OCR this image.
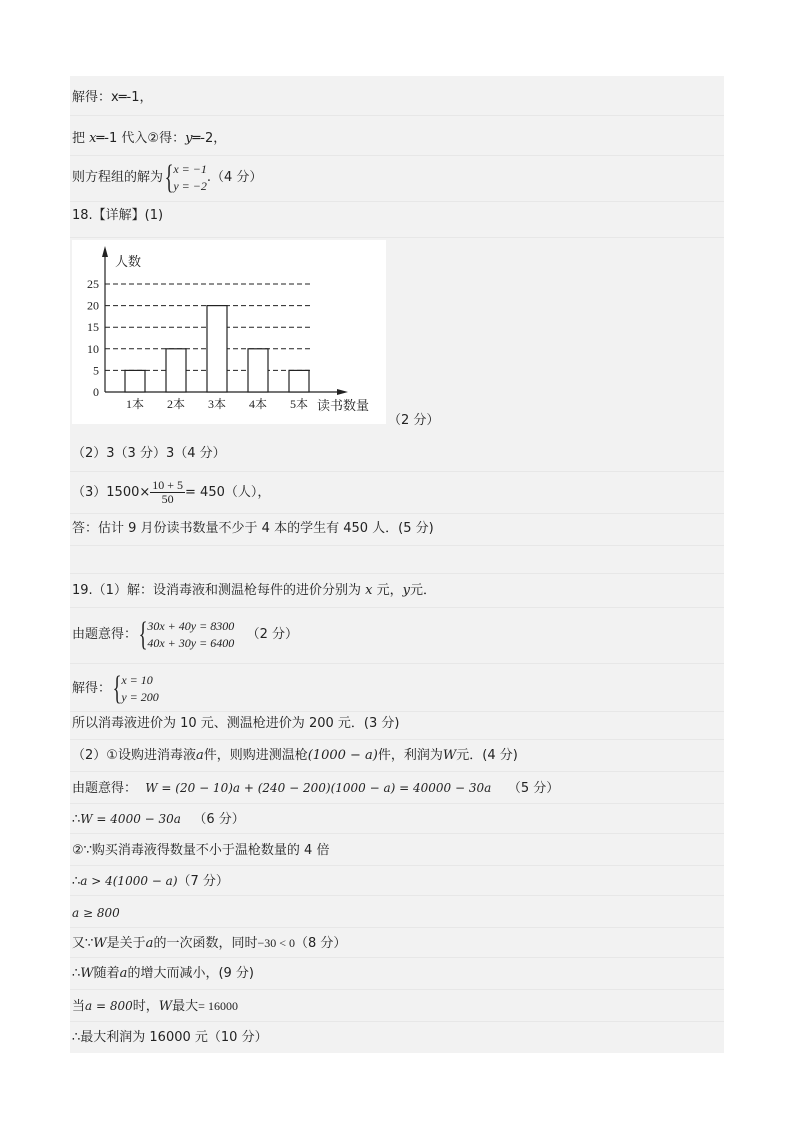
解得：x═-1，
把 x═-1 代入②得：y═-2，
则方程组的解为{ x = −1
y = −2
.（4 分）
18.【详解】(1)
0
5
10
15
20
25
人数
读书数量
1本 2本 3本 4本 5本
（2 分）
（2）3（3 分）3（4 分）
$(3)1500\times \frac{10 + 5}{50} = 450$（人），
答：估计 9 月份读书数量不少于 4 本的学生有 450 人．(5 分)
19.（1）解：设消毒液和测温枪每件的进价分别为 x 元，y元．
由题意得：{ 30x + 40y = 8300
40x + 30y = 6400
（2 分）
解得：{ x = 10
y = 200
所以消毒液进价为 10 元、测温枪进价为 200 元．(3 分)
（2）①设购进消毒液a件，则购进测温枪(1000 − a)件，利润为W元．(4 分)
由题意得： W = (20 − 10)a + (240 − 200)(1000 − a) = 40000 − 30a （5 分）
∴W = 4000 − 30a （6 分）
②∵购买消毒液得数量不小于温枪数量的 4 倍
∴a > 4(1000 − a)（7 分）
a ≥ 800
又∵W是关于a的一次函数，同时−30 < 0（8 分）
∴W随着a的增大而减小，(9 分)
当a = 800时，W最大= 16000
∴最大利润为 16000 元（10 分）
